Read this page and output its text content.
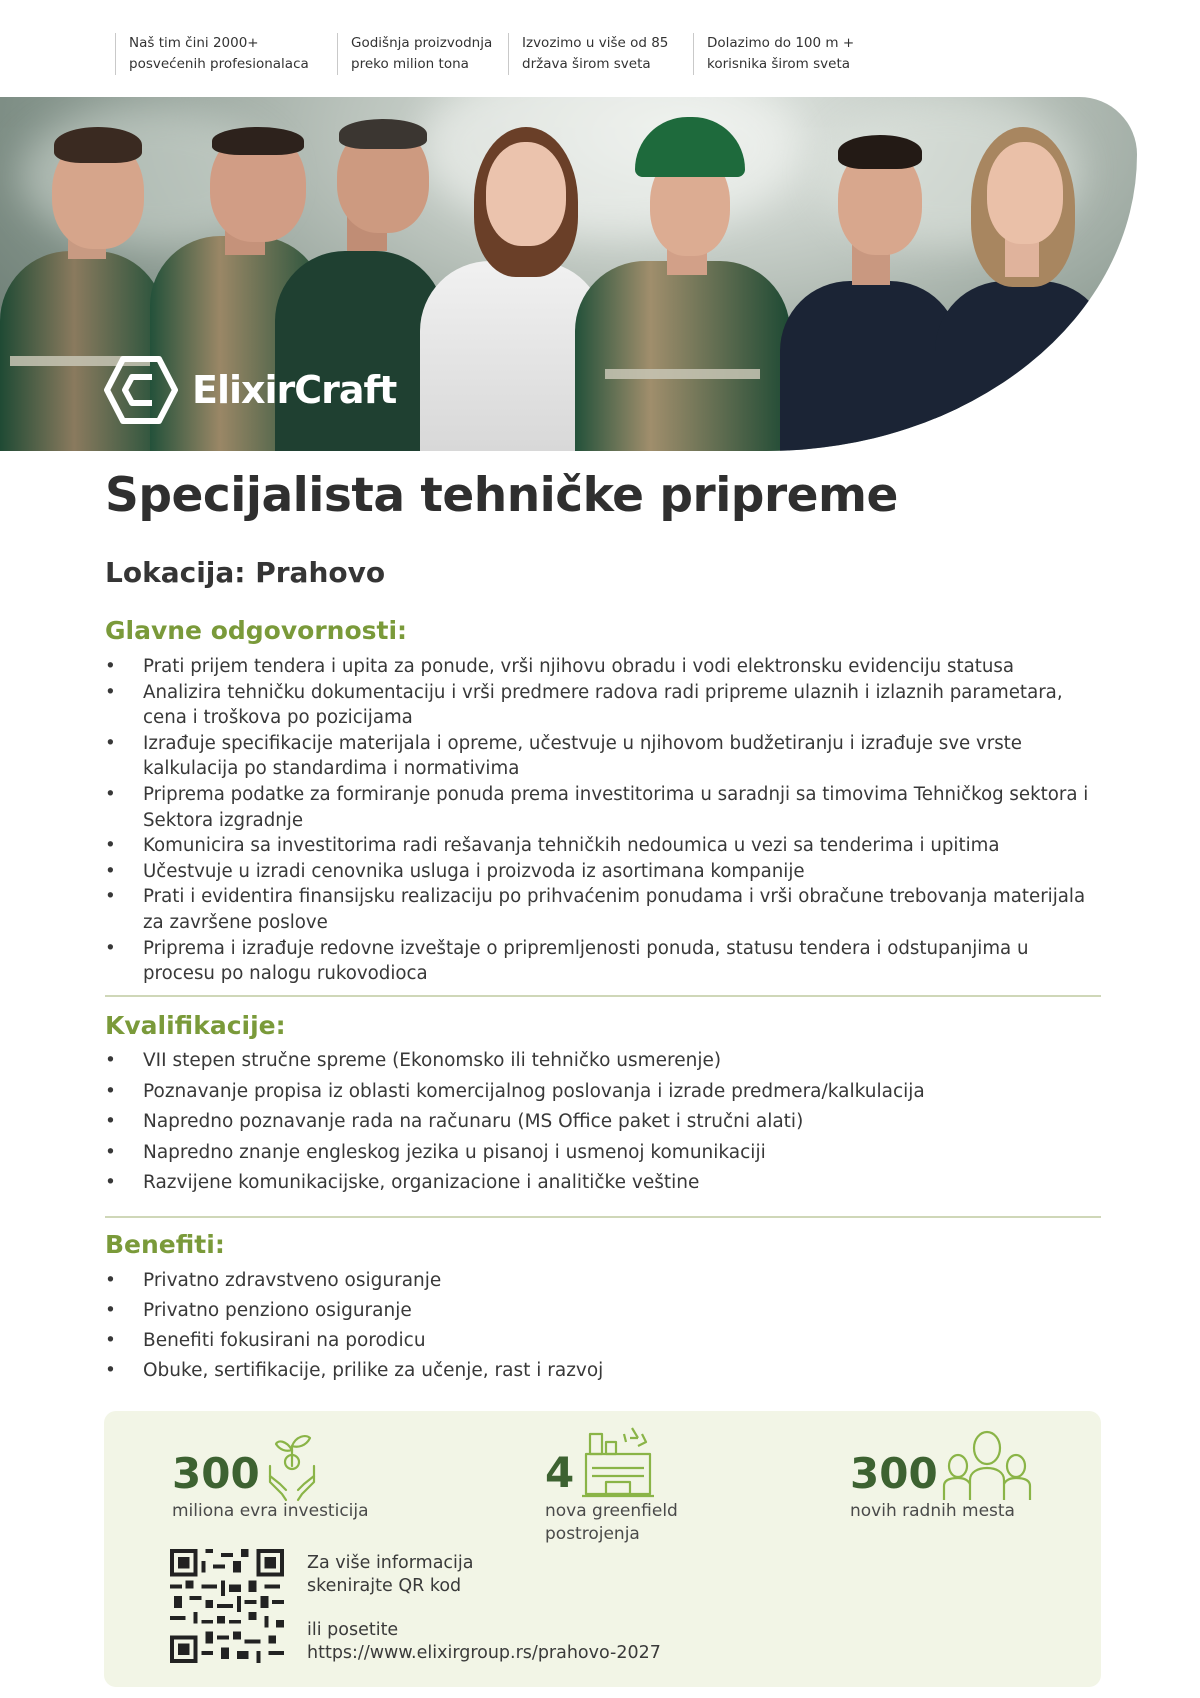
Naš tim čini 2000+
posvećenih profesionalaca
Godišnja proizvodnja
preko milion tona
Izvozimo u više od 85
država širom sveta
Dolazimo do 100 m +
korisnika širom sveta
ElixirCraft
Specijalista tehničke pripreme
Lokacija: Prahovo
Glavne odgovornosti:
• Prati prijem tendera i upita za ponude, vrši njihovu obradu i vodi elektronsku evidenciju statusa
• Analizira tehničku dokumentaciju i vrši predmere radova radi pripreme ulaznih i izlaznih parametara,
cena i troškova po pozicijama
• Izrađuje specifikacije materijala i opreme, učestvuje u njihovom budžetiranju i izrađuje sve vrste
kalkulacija po standardima i normativima
• Priprema podatke za formiranje ponuda prema investitorima u saradnji sa timovima Tehničkog sektora i
Sektora izgradnje
• Komunicira sa investitorima radi rešavanja tehničkih nedoumica u vezi sa tenderima i upitima
• Učestvuje u izradi cenovnika usluga i proizvoda iz asortimana kompanije
• Prati i evidentira finansijsku realizaciju po prihvaćenim ponudama i vrši obračune trebovanja materijala
za završene poslove
• Priprema i izrađuje redovne izveštaje o pripremljenosti ponuda, statusu tendera i odstupanjima u
procesu po nalogu rukovodioca
Kvalifikacije:
• VII stepen stručne spreme (Ekonomsko ili tehničko usmerenje)
• Poznavanje propisa iz oblasti komercijalnog poslovanja i izrade predmera/kalkulacija
• Napredno poznavanje rada na računaru (MS Office paket i stručni alati)
• Napredno znanje engleskog jezika u pisanoj i usmenoj komunikaciji
• Razvijene komunikacijske, organizacione i analitičke veštine
Benefiti:
• Privatno zdravstveno osiguranje
• Privatno penziono osiguranje
• Benefiti fokusirani na porodicu
• Obuke, sertifikacije, prilike za učenje, rast i razvoj
300
miliona evra investicija
4
nova greenfield
postrojenja
300
novih radnih mesta
Za više informacija
skenirajte QR kod
ili posetite
https://www.elixirgroup.rs/prahovo-2027
